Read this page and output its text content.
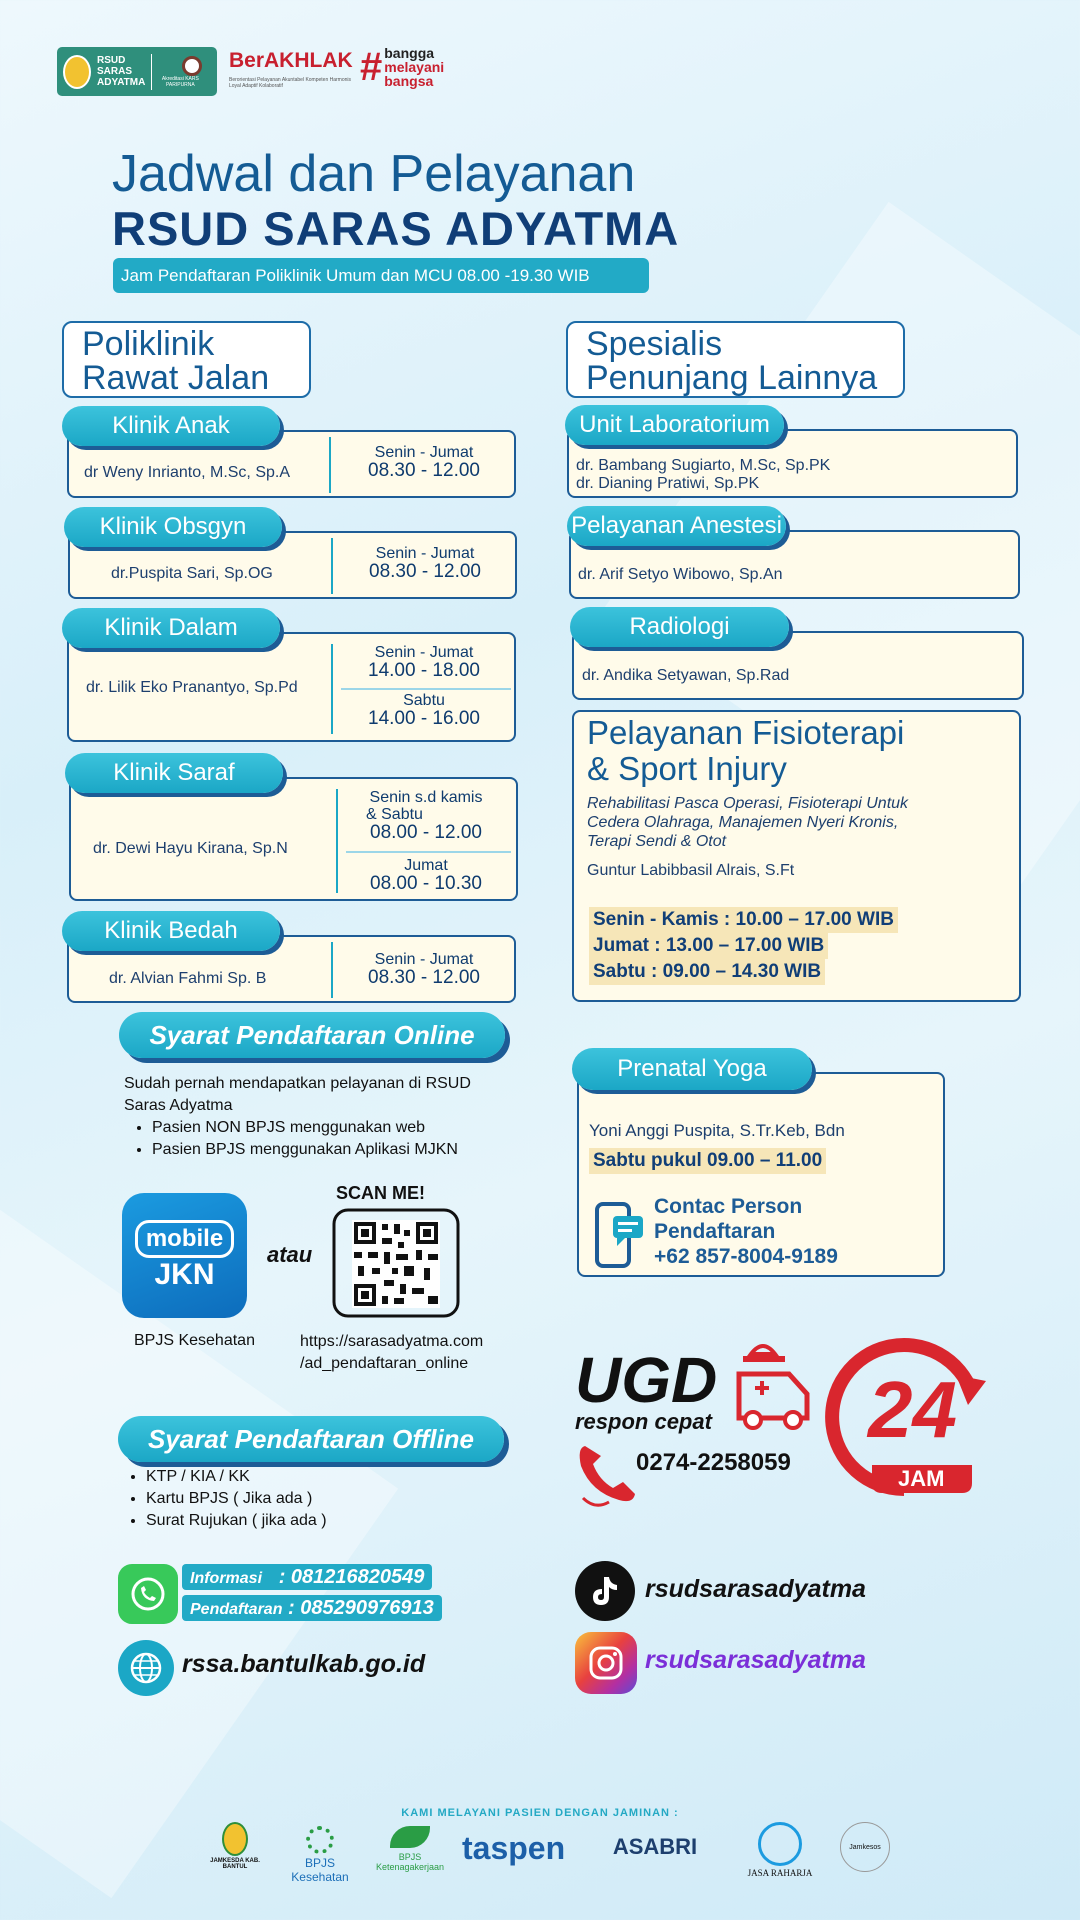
RSUD
SARAS
ADYATMA	Akreditasi KARS PARIPURNA
BerAKHLAK
Berorientasi Pelayanan Akuntabel Kompeten Harmonis Loyal Adaptif Kolaboratif	# bangga
melayani
bangsa
Jadwal dan Pelayanan
RSUD SARAS ADYATMA
Jam Pendaftaran Poliklinik Umum dan MCU 08.00 -19.30 WIB
Poliklinik
Rawat Jalan
dr Weny Inrianto, M.Sc, Sp.A
Senin - Jumat
08.30 - 12.00
Klinik Anak
dr.Puspita Sari, Sp.OG
Senin - Jumat
08.30 - 12.00
Klinik Obsgyn
dr. Lilik Eko Pranantyo, Sp.Pd
Senin - Jumat
14.00 - 18.00
Sabtu
14.00 - 16.00
Klinik Dalam
dr. Dewi Hayu Kirana, Sp.N
Senin s.d kamis
& Sabtu
08.00 - 12.00
Jumat
08.00 - 10.30
Klinik Saraf
dr. Alvian Fahmi Sp. B
Senin - Jumat
08.30 - 12.00
Klinik Bedah
Spesialis
Penunjang Lainnya
dr. Bambang Sugiarto, M.Sc, Sp.PK
dr. Dianing Pratiwi, Sp.PK
Unit Laboratorium
dr. Arif Setyo Wibowo, Sp.An
Pelayanan Anestesi
dr. Andika Setyawan, Sp.Rad
Radiologi
Pelayanan Fisioterapi
& Sport Injury
Rehabilitasi Pasca Operasi, Fisioterapi Untuk
Cedera Olahraga, Manajemen Nyeri Kronis,
Terapi Sendi & Otot
Guntur Labibbasil Alrais, S.Ft
Senin - Kamis : 10.00 – 17.00 WIB
Jumat : 13.00 – 17.00 WIB
Sabtu : 09.00 – 14.30 WIB
Syarat Pendaftaran Online
Sudah pernah mendapatkan pelayanan di RSUD
Saras Adyatma
• Pasien NON BPJS menggunakan web
• Pasien BPJS menggunakan Aplikasi MJKN
mobile
JKN
atau
SCAN ME!
BPJS Kesehatan	https://sarasadyatma.com
/ad_pendaftaran_online
Syarat Pendaftaran Offline
• KTP / KIA / KK
• Kartu BPJS ( Jika ada )
• Surat Rujukan ( jika ada )
Yoni Anggi Puspita, S.Tr.Keb, Bdn
Sabtu pukul 09.00 – 11.00
Contac Person
Pendaftaran
+62 857-8004-9189
Prenatal Yoga
UGD
respon cepat
0274-2258059
24
JAM
Informasi : 081216820549
Pendaftaran : 085290976913
rssa.bantulkab.go.id
rsudsarasadyatma
rsudsarasadyatma
KAMI MELAYANI PASIEN DENGAN JAMINAN :
JAMKESDA KAB. BANTUL	BPJS Kesehatan
BPJS Ketenagakerjaan
taspen	ASABRI
JASA RAHARJA
Jamkesos
